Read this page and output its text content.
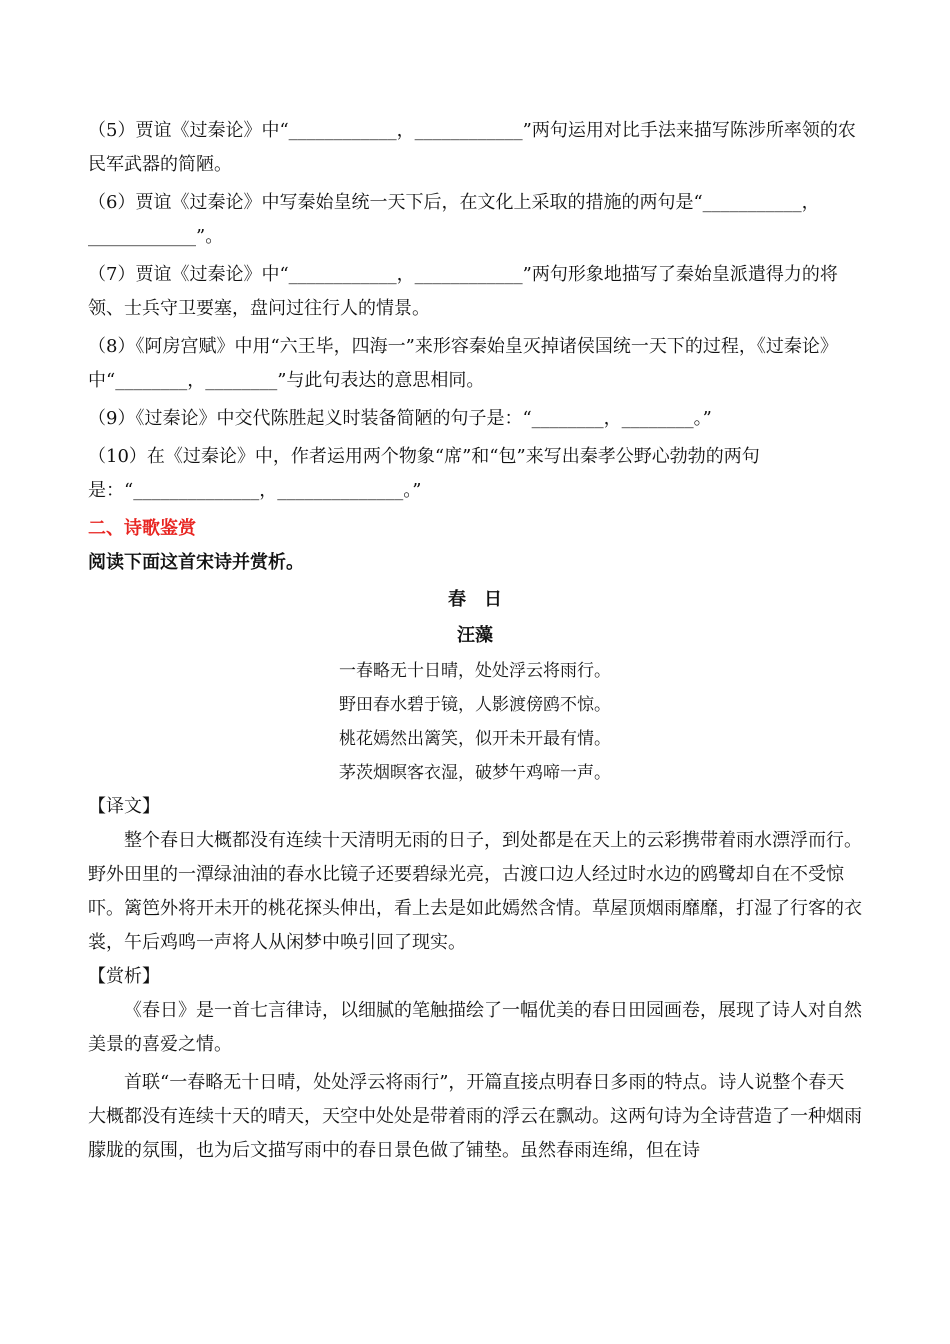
（5）贾谊《过秦论》中“____________，____________”两句运用对比手法来描写陈涉所率领的农民军武器的简陋。

（6）贾谊《过秦论》中写秦始皇统一天下后，在文化上采取的措施的两句是“___________，____________”。

（7）贾谊《过秦论》中“____________，____________”两句形象地描写了秦始皇派遣得力的将领、士兵守卫要塞，盘问过往行人的情景。

（8）《阿房宫赋》中用“六王毕，四海一”来形容秦始皇灭掉诸侯国统一天下的过程，《过秦论》中“________，________”与此句表达的意思相同。

（9）《过秦论》中交代陈胜起义时装备简陋的句子是：“________，________。”

（10）在《过秦论》中，作者运用两个物象“席”和“包”来写出秦孝公野心勃勃的两句是：“______________，______________。”

二、诗歌鉴赏

阅读下面这首宋诗并赏析。

春　日

汪藻

一春略无十日晴，处处浮云将雨行。

野田春水碧于镜，人影渡傍鸥不惊。

桃花嫣然出篱笑，似开未开最有情。

茅茨烟暝客衣湿，破梦午鸡啼一声。

【译文】

整个春日大概都没有连续十天清明无雨的日子，到处都是在天上的云彩携带着雨水漂浮而行。野外田里的一潭绿油油的春水比镜子还要碧绿光亮，古渡口边人经过时水边的鸥鹭却自在不受惊吓。篱笆外将开未开的桃花探头伸出，看上去是如此嫣然含情。草屋顶烟雨靡靡，打湿了行客的衣裳，午后鸡鸣一声将人从闲梦中唤引回了现实。

【赏析】

《春日》是一首七言律诗，以细腻的笔触描绘了一幅优美的春日田园画卷，展现了诗人对自然美景的喜爱之情。

首联“一春略无十日晴，处处浮云将雨行”，开篇直接点明春日多雨的特点。诗人说整个春天大概都没有连续十天的晴天，天空中处处是带着雨的浮云在飘动。这两句诗为全诗营造了一种烟雨朦胧的氛围，也为后文描写雨中的春日景色做了铺垫。虽然春雨连绵，但在诗
